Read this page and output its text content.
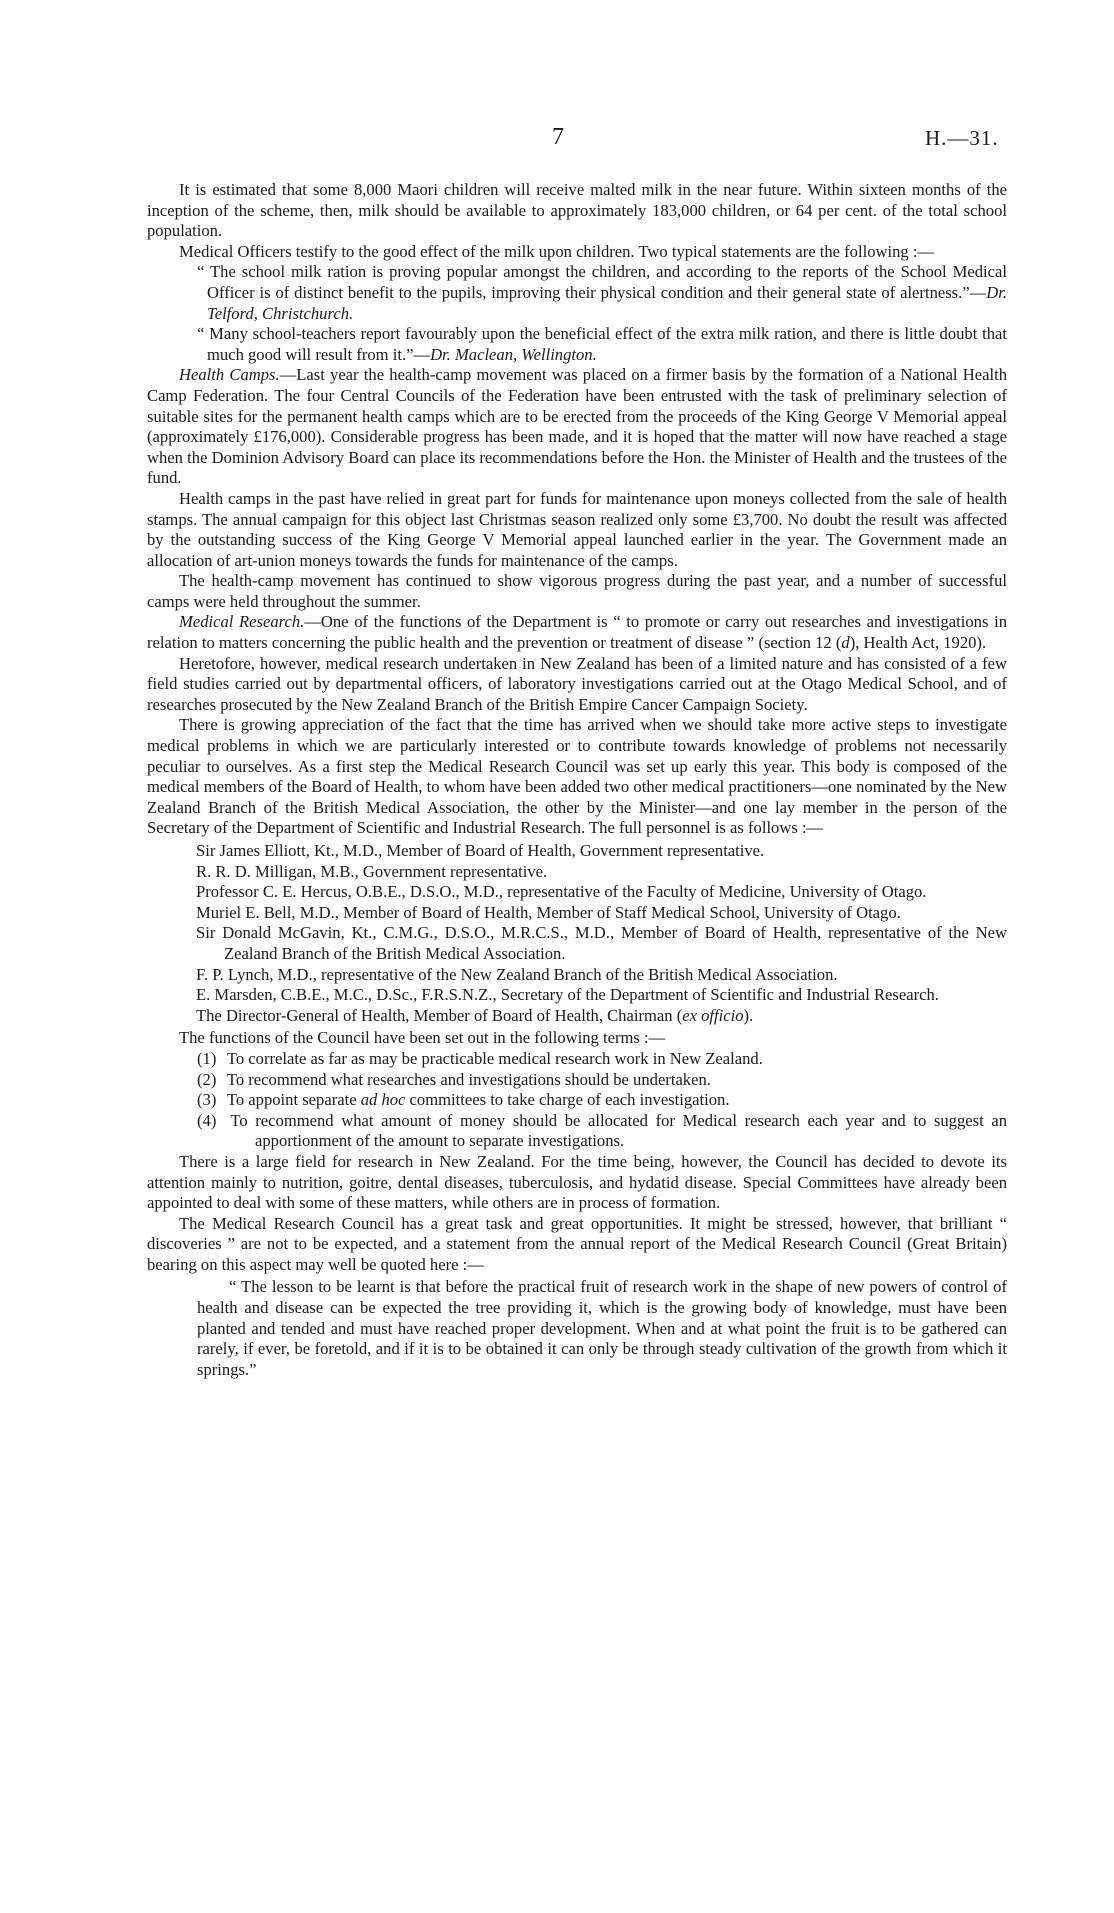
7	H.—31.

It is estimated that some 8,000 Maori children will receive malted milk in the near future. Within sixteen months of the inception of the scheme, then, milk should be available to approximately 183,000 children, or 64 per cent. of the total school population.

Medical Officers testify to the good effect of the milk upon children. Two typical statements are the following :—

“ The school milk ration is proving popular amongst the children, and according to the reports of the School Medical Officer is of distinct benefit to the pupils, improving their physical condition and their general state of alertness.”—Dr. Telford, Christchurch.

“ Many school-teachers report favourably upon the beneficial effect of the extra milk ration, and there is little doubt that much good will result from it.”—Dr. Maclean, Wellington.

Health Camps.—Last year the health-camp movement was placed on a firmer basis by the formation of a National Health Camp Federation. The four Central Councils of the Federation have been entrusted with the task of preliminary selection of suitable sites for the permanent health camps which are to be erected from the proceeds of the King George V Memorial appeal (approximately £176,000). Considerable progress has been made, and it is hoped that the matter will now have reached a stage when the Dominion Advisory Board can place its recommendations before the Hon. the Minister of Health and the trustees of the fund.

Health camps in the past have relied in great part for funds for maintenance upon moneys collected from the sale of health stamps. The annual campaign for this object last Christmas season realized only some £3,700. No doubt the result was affected by the outstanding success of the King George V Memorial appeal launched earlier in the year. The Government made an allocation of art-union moneys towards the funds for maintenance of the camps.

The health-camp movement has continued to show vigorous progress during the past year, and a number of successful camps were held throughout the summer.

Medical Research.—One of the functions of the Department is “ to promote or carry out researches and investigations in relation to matters concerning the public health and the prevention or treatment of disease ” (section 12 (d), Health Act, 1920).

Heretofore, however, medical research undertaken in New Zealand has been of a limited nature and has consisted of a few field studies carried out by departmental officers, of laboratory investigations carried out at the Otago Medical School, and of researches prosecuted by the New Zealand Branch of the British Empire Cancer Campaign Society.

There is growing appreciation of the fact that the time has arrived when we should take more active steps to investigate medical problems in which we are particularly interested or to contribute towards knowledge of problems not necessarily peculiar to ourselves. As a first step the Medical Research Council was set up early this year. This body is composed of the medical members of the Board of Health, to whom have been added two other medical practitioners—one nominated by the New Zealand Branch of the British Medical Association, the other by the Minister—and one lay member in the person of the Secretary of the Department of Scientific and Industrial Research. The full personnel is as follows :—

Sir James Elliott, Kt., M.D., Member of Board of Health, Government representative.

R. R. D. Milligan, M.B., Government representative.

Professor C. E. Hercus, O.B.E., D.S.O., M.D., representative of the Faculty of Medicine, University of Otago.

Muriel E. Bell, M.D., Member of Board of Health, Member of Staff Medical School, University of Otago.

Sir Donald McGavin, Kt., C.M.G., D.S.O., M.R.C.S., M.D., Member of Board of Health, representative of the New Zealand Branch of the British Medical Association.

F. P. Lynch, M.D., representative of the New Zealand Branch of the British Medical Association.

E. Marsden, C.B.E., M.C., D.Sc., F.R.S.N.Z., Secretary of the Department of Scientific and Industrial Research.

The Director-General of Health, Member of Board of Health, Chairman (ex officio).

The functions of the Council have been set out in the following terms :—

(1) To correlate as far as may be practicable medical research work in New Zealand.

(2) To recommend what researches and investigations should be undertaken.

(3) To appoint separate ad hoc committees to take charge of each investigation.

(4) To recommend what amount of money should be allocated for Medical research each year and to suggest an apportionment of the amount to separate investigations.

There is a large field for research in New Zealand. For the time being, however, the Council has decided to devote its attention mainly to nutrition, goitre, dental diseases, tuberculosis, and hydatid disease. Special Committees have already been appointed to deal with some of these matters, while others are in process of formation.

The Medical Research Council has a great task and great opportunities. It might be stressed, however, that brilliant “ discoveries ” are not to be expected, and a statement from the annual report of the Medical Research Council (Great Britain) bearing on this aspect may well be quoted here :—

“ The lesson to be learnt is that before the practical fruit of research work in the shape of new powers of control of health and disease can be expected the tree providing it, which is the growing body of knowledge, must have been planted and tended and must have reached proper development. When and at what point the fruit is to be gathered can rarely, if ever, be foretold, and if it is to be obtained it can only be through steady cultivation of the growth from which it springs.”
